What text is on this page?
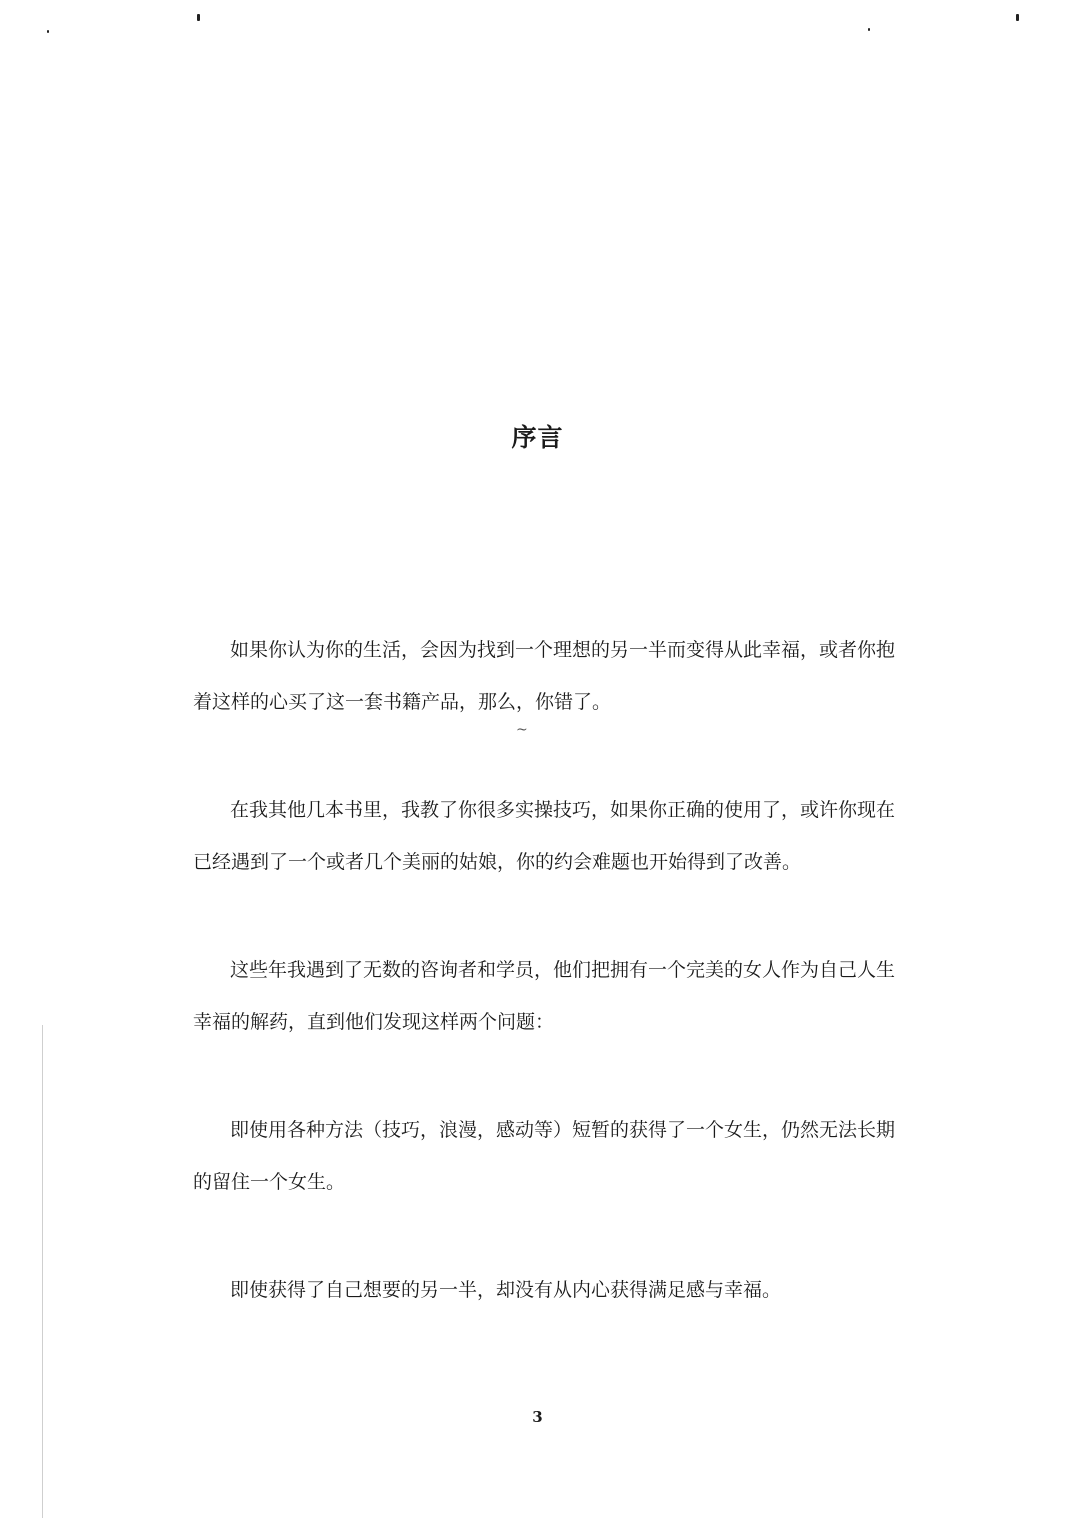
序言

如果你认为你的生活，会因为找到一个理想的另一半而变得从此幸福，或者你抱着这样的心买了这一套书籍产品，那么，你错了。

~

在我其他几本书里，我教了你很多实操技巧，如果你正确的使用了，或许你现在已经遇到了一个或者几个美丽的姑娘，你的约会难题也开始得到了改善。

这些年我遇到了无数的咨询者和学员，他们把拥有一个完美的女人作为自己人生幸福的解药，直到他们发现这样两个问题：

即使用各种方法（技巧，浪漫，感动等）短暂的获得了一个女生，仍然无法长期的留住一个女生。

即使获得了自己想要的另一半，却没有从内心获得满足感与幸福。

3
